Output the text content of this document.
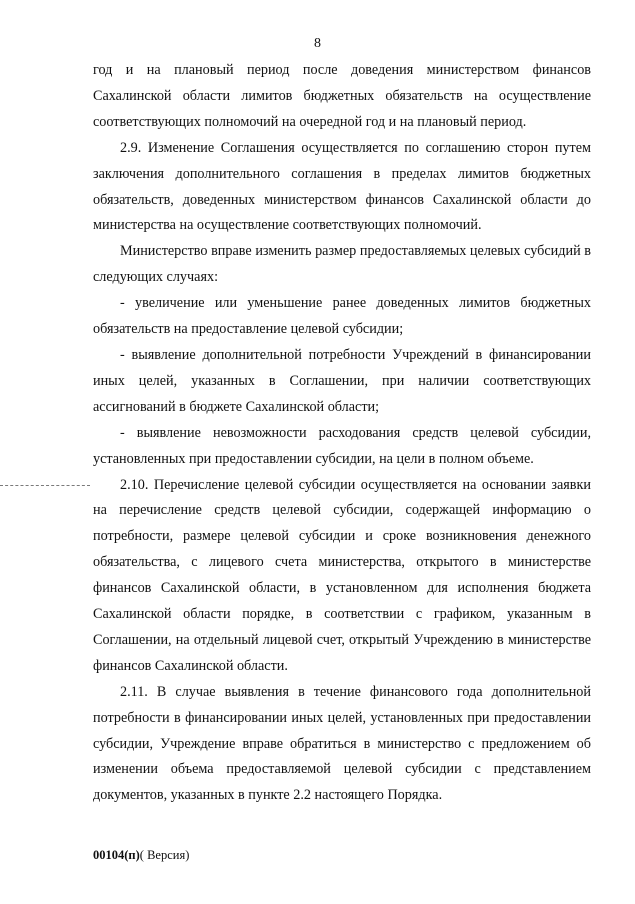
8

год и на плановый период после доведения министерством финансов Сахалинской области лимитов бюджетных обязательств на осуществление соответствующих полномочий на очередной год и на плановый период.

2.9. Изменение Соглашения осуществляется по соглашению сторон путем заключения дополнительного соглашения в пределах лимитов бюджетных обязательств, доведенных министерством финансов Сахалинской области до министерства на осуществление соответствующих полномочий.

Министерство вправе изменить размер предоставляемых целевых субсидий в следующих случаях:

- увеличение или уменьшение ранее доведенных лимитов бюджетных обязательств на предоставление целевой субсидии;

- выявление дополнительной потребности Учреждений в финансировании иных целей, указанных в Соглашении, при наличии соответствующих ассигнований в бюджете Сахалинской области;

- выявление невозможности расходования средств целевой субсидии, установленных при предоставлении субсидии, на цели в полном объеме.

2.10. Перечисление целевой субсидии осуществляется на основании заявки на перечисление средств целевой субсидии, содержащей информацию о потребности, размере целевой субсидии и сроке возникновения денежного обязательства, с лицевого счета министерства, открытого в министерстве финансов Сахалинской области, в установленном для исполнения бюджета Сахалинской области порядке, в соответствии с графиком, указанным в Соглашении, на отдельный лицевой счет, открытый Учреждению в министерстве финансов Сахалинской области.

2.11. В случае выявления в течение финансового года дополнительной потребности в финансировании иных целей, установленных при предоставлении субсидии, Учреждение вправе обратиться в министерство с предложением об изменении объема предоставляемой целевой субсидии с представлением документов, указанных в пункте 2.2 настоящего Порядка.

00104(п)( Версия)
